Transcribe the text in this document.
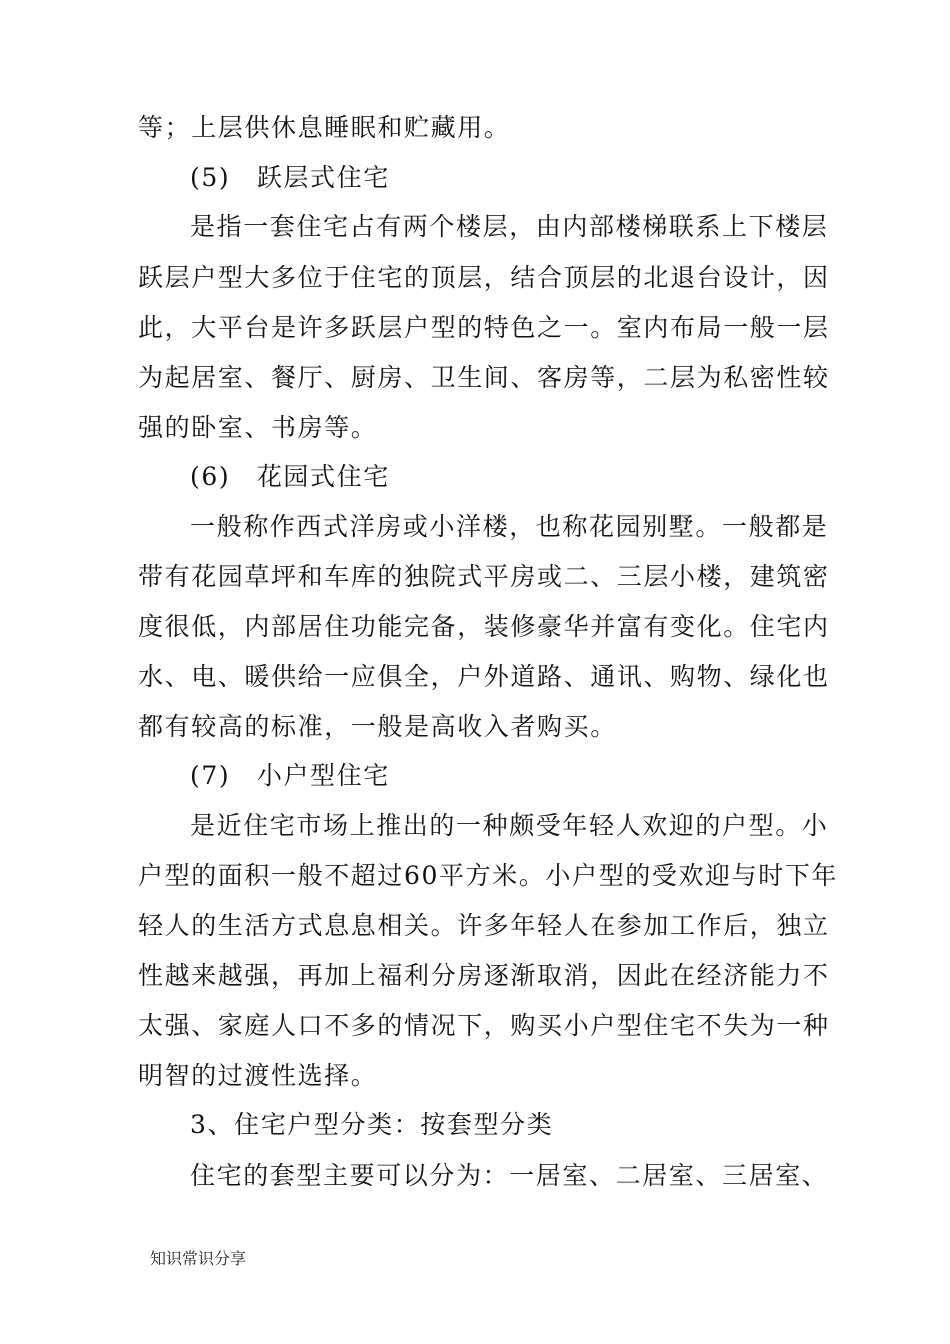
等；上层供休息睡眠和贮藏用。
(5)　跃层式住宅
是指一套住宅占有两个楼层，由内部楼梯联系上下楼层
跃层户型大多位于住宅的顶层，结合顶层的北退台设计，因
此，大平台是许多跃层户型的特色之一。室内布局一般一层
为起居室、餐厅、厨房、卫生间、客房等，二层为私密性较
强的卧室、书房等。
(6)　花园式住宅
一般称作西式洋房或小洋楼，也称花园别墅。一般都是
带有花园草坪和车库的独院式平房或二、三层小楼，建筑密
度很低，内部居住功能完备，装修豪华并富有变化。住宅内
水、电、暖供给一应俱全，户外道路、通讯、购物、绿化也
都有较高的标准，一般是高收入者购买。
(7)　小户型住宅
是近住宅市场上推出的一种颇受年轻人欢迎的户型。小
户型的面积一般不超过60平方米。小户型的受欢迎与时下年
轻人的生活方式息息相关。许多年轻人在参加工作后，独立
性越来越强，再加上福利分房逐渐取消，因此在经济能力不
太强、家庭人口不多的情况下，购买小户型住宅不失为一种
明智的过渡性选择。
3、住宅户型分类：按套型分类
住宅的套型主要可以分为：一居室、二居室、三居室、
知识常识分享
